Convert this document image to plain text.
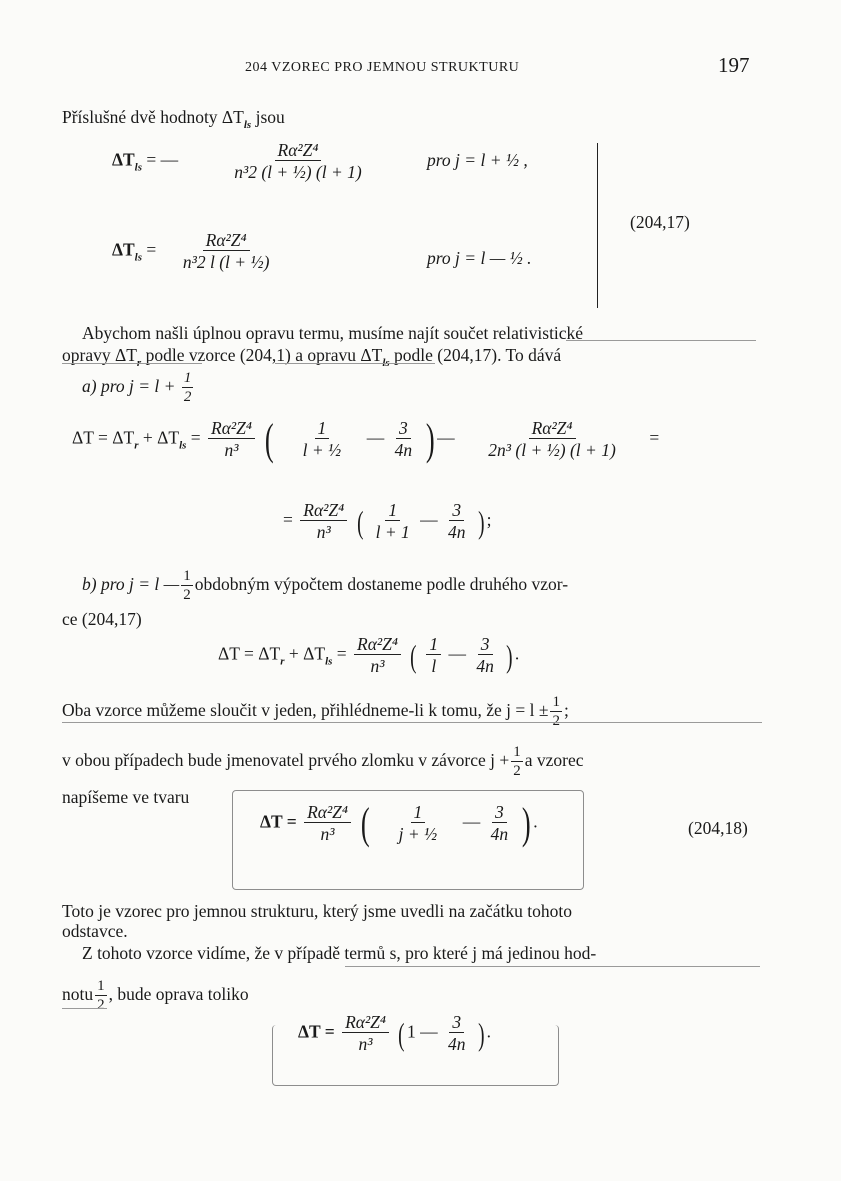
204 VZOREC PRO JEMNOU STRUKTURU	197
Příslušné dvě hodnoty $\Delta T_{ls}$ jsou
$\Delta T_{ls}$ = — $\frac{\text{Rα²Z⁴}}{\text{n³2 (l + ½) (l + 1)}}$ pro j = l + ½ ,
$\Delta T_{ls} = \frac{\text{Rα²Z⁴}}{\text{n³2 l (l + ½)}}$	pro j = l — ½ .
(204,17)
Abychom našli úplnou opravu termu, musíme najít součet relativistické
opravy $\Delta T_r$ podle vzorce (204,1) a opravu $\Delta T_{ls}$ podle (204,17). To dává
a) pro $j = l + \frac{1}{2}$
$\Delta T = \Delta T_r + \Delta T_{ls} = \frac{\text{Rα²Z⁴}}{\text{n³}}$ ( $\frac{1}{\text{l + ½}}$ — $\frac{3}{4n}$ ) — $\frac{\text{Rα²Z⁴}}{\text{2n³ (l + ½) (l + 1)}}$ =
= $\frac{\text{Rα²Z⁴}}{\text{n³}}$ ( $\frac{1}{l + 1}$ — $\frac{3}{4n}$ ) ;
b) pro j = l — $\frac{1}{2}$ obdobným výpočtem dostaneme podle druhého vzor-
ce (204,17)
$\Delta T = \Delta T_r + \Delta T_{ls} = \frac{\text{Rα²Z⁴}}{\text{n³}}$ ( $\frac{1}{l}$ — $\frac{3}{4n}$ ) .
Oba vzorce můžeme sloučit v jeden, přihlédneme-li k tomu, že $j = l \pm \frac{1}{2}$ ;
v obou případech bude jmenovatel prvého zlomku v závorce $j + \frac{1}{2}$ a vzorec
napíšeme ve tvaru
$\Delta T = \frac{\text{Rα²Z⁴}}{\text{n³}}$ ( $\frac{1}{\text{j + ½}}$ — $\frac{3}{4n}$ ) .	(204,18)
Toto je vzorec pro jemnou strukturu, který jsme uvedli na začátku tohoto
odstavce.
Z tohoto vzorce vidíme, že v případě termů s, pro které j má jedinou hod-
notu $\frac{1}{2}$ , bude oprava toliko
$\Delta T = \frac{\text{Rα²Z⁴}}{\text{n³}}$ ( 1 — $\frac{3}{4n}$ ) .
